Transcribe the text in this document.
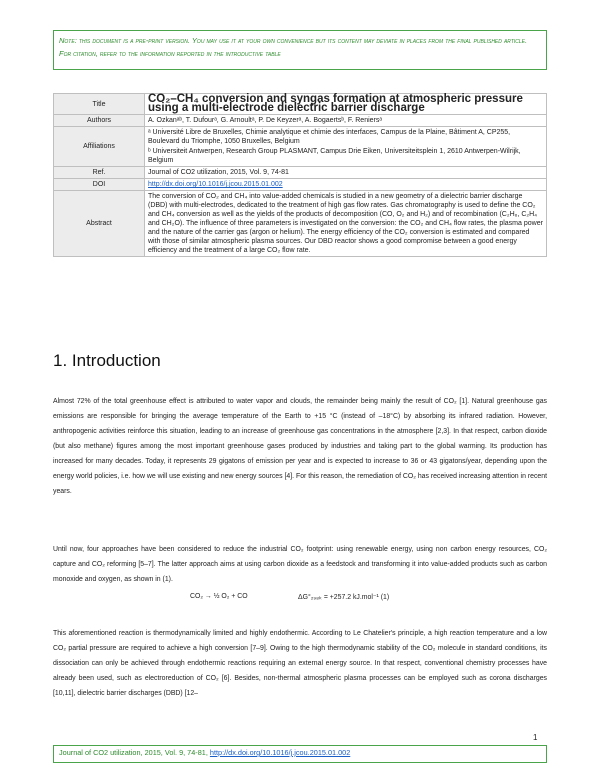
Note: this document is a pre-print version. You may use it at your own convenience but its content may deviate in places from the final published article. For citation, refer to the information reported in the introductive table
Title	CO₂–CH₄ conversion and syngas formation at atmospheric pressure using a multi-electrode dielectric barrier discharge
Authors	A. Ozkanᵃᵇ, T. Dufourᵃ, G. Arnoultᵃ, P. De Keyzerᵃ, A. Bogaertsᵇ, F. Reniersᵃ
Affiliations	ᵃ Université Libre de Bruxelles, Chimie analytique et chimie des interfaces, Campus de la Plaine, Bâtiment A, CP255, Boulevard du Triomphe, 1050 Bruxelles, Belgium
ᵇ Universiteit Antwerpen, Research Group PLASMANT, Campus Drie Eiken, Universiteitsplein 1, 2610 Antwerpen-Wilrijk, Belgium

Ref.	Journal of CO2 utilization, 2015, Vol. 9, 74-81
DOI	http://dx.doi.org/10.1016/j.jcou.2015.01.002
Abstract	The conversion of CO₂ and CH₄ into value-added chemicals is studied in a new geometry of a dielectric barrier discharge (DBD) with multi-electrodes, dedicated to the treatment of high gas flow rates. Gas chromatography is used to define the CO₂ and CH₄ conversion as well as the yields of the products of decomposition (CO, O₂ and H₂) and of recombination (C₂H₆, C₂H₄ and CH₂O). The influence of three parameters is investigated on the conversion: the CO₂ and CH₄ flow rates, the plasma power and the nature of the carrier gas (argon or helium). The energy efficiency of the CO₂ conversion is estimated and compared with those of similar atmospheric plasma sources. Our DBD reactor shows a good compromise between a good energy efficiency and the treatment of a large CO₂ flow rate.
1. Introduction

Almost 72% of the total greenhouse effect is attributed to water vapor and clouds, the remainder being mainly the result of CO₂ [1]. Natural greenhouse gas emissions are responsible for bringing the average temperature of the Earth to +15 °C (instead of –18°C) by absorbing its infrared radiation. However, anthropogenic activities reinforce this situation, leading to an increase of greenhouse gas concentrations in the atmosphere [2,3]. In that respect, carbon dioxide (but also methane) figures among the most important greenhouse gases produced by industries and taking part to the global warming. Its production has increased for many decades. Today, it represents 29 gigatons of emission per year and is expected to increase to 36 or 43 gigatons/year, depending upon the energy world policies, i.e. how we will use existing and new energy sources [4]. For this reason, the remediation of CO₂ has received increasing attention in recent years.

Until now, four approaches have been considered to reduce the industrial CO₂ footprint: using renewable energy, using non carbon energy resources, CO₂ capture and CO₂ reforming [5–7]. The latter approach aims at using carbon dioxide as a feedstock and transforming it into value-added products such as carbon monoxide and oxygen, as shown in (1).

CO₂ → ½ O₂ + CO	ΔG°₂₉₈ₖ = +257.2 kJ.mol⁻¹ (1)

This aforementioned reaction is thermodynamically limited and highly endothermic. According to Le Chatelier's principle, a high reaction temperature and a low CO₂ partial pressure are required to achieve a high conversion [7–9]. Owing to the high thermodynamic stability of the CO₂ molecule in standard conditions, its dissociation can only be achieved through endothermic reactions requiring an external energy source. In that respect, conventional chemistry processes have already been used, such as electroreduction of CO₂ [6]. Besides, non-thermal atmospheric plasma processes can be employed such as corona discharges [10,11], dielectric barrier discharges (DBD) [12–

1
Journal of CO2 utilization, 2015, Vol. 9, 74-81, http://dx.doi.org/10.1016/j.jcou.2015.01.002
